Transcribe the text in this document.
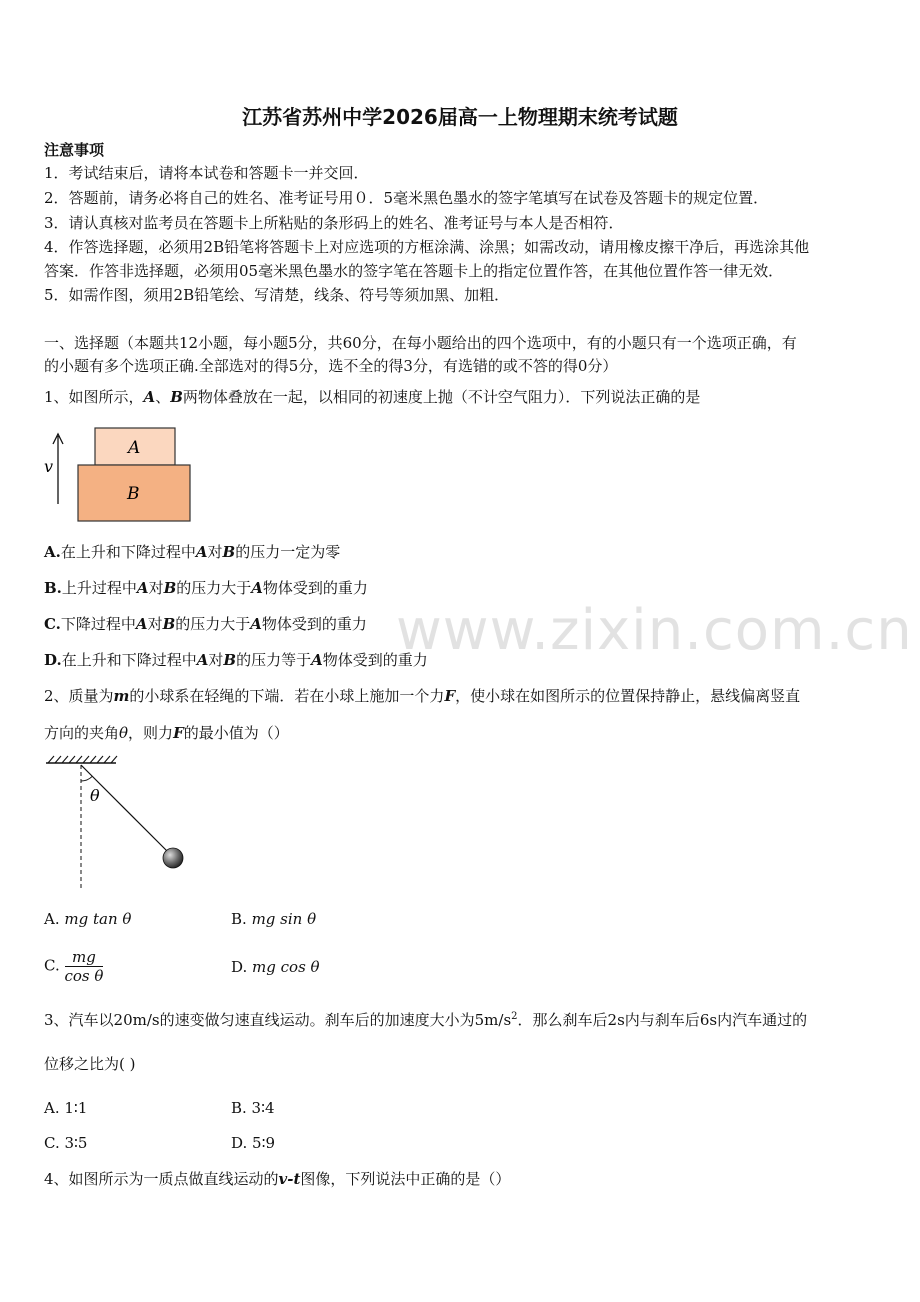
江苏省苏州中学2026届高一上物理期末统考试题
注意事项
1．考试结束后，请将本试卷和答题卡一并交回．
2．答题前，请务必将自己的姓名、准考证号用０．5毫米黑色墨水的签字笔填写在试卷及答题卡的规定位置．
3．请认真核对监考员在答题卡上所粘贴的条形码上的姓名、准考证号与本人是否相符．
4．作答选择题，必须用2B铅笔将答题卡上对应选项的方框涂满、涂黑；如需改动，请用橡皮擦干净后，再选涂其他
答案．作答非选择题，必须用05毫米黑色墨水的签字笔在答题卡上的指定位置作答，在其他位置作答一律无效．
5．如需作图，须用2B铅笔绘、写清楚，线条、符号等须加黑、加粗．
一、选择题（本题共12小题，每小题5分，共60分，在每小题给出的四个选项中，有的小题只有一个选项正确，有
的小题有多个选项正确.全部选对的得5分，选不全的得3分，有选错的或不答的得0分）
1、如图所示，A、B两物体叠放在一起，以相同的初速度上抛（不计空气阻力）．下列说法正确的是
v
A
B
A.在上升和下降过程中A对B的压力一定为零
B.上升过程中A对B的压力大于A物体受到的重力
C.下降过程中A对B的压力大于A物体受到的重力
D.在上升和下降过程中A对B的压力等于A物体受到的重力
www.zixin.com.cn
2、质量为m的小球系在轻绳的下端．若在小球上施加一个力F，使小球在如图所示的位置保持静止，悬线偏离竖直
方向的夹角θ，则力F的最小值为（）
θ
A. mg tan θ	B. mg sin θ
C. $\frac{mg}{\text{cos θ}}$	D. mg cos θ
3、汽车以20m/s的速变做匀速直线运动。刹车后的加速度大小为$5m/s^2$．那么刹车后2s内与刹车后6s内汽车通过的
位移之比为( )
A. 1∶1	B. 3∶4
C. 3∶5	D. 5∶9
4、如图所示为一质点做直线运动的v-t图像，下列说法中正确的是（）
